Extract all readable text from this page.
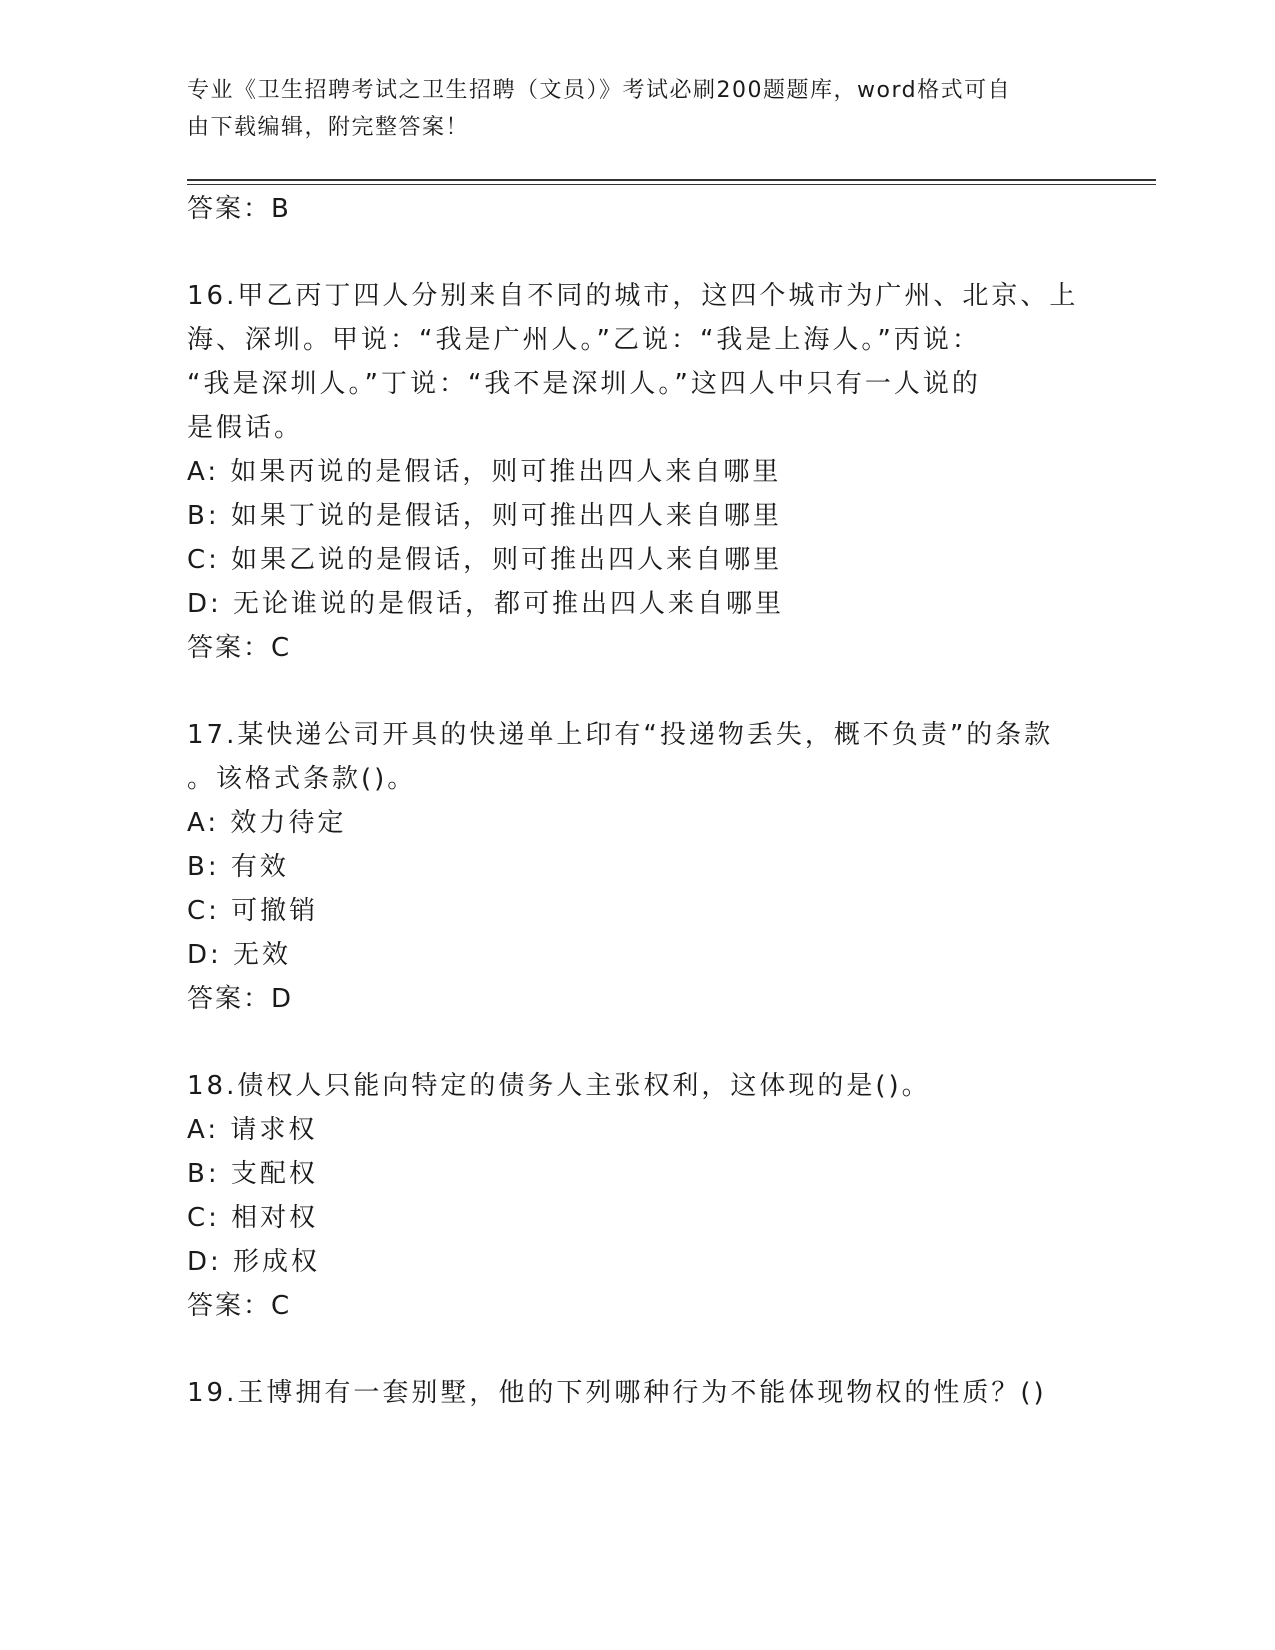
专业《卫生招聘考试之卫生招聘（文员）》考试必刷200题题库，word格式可自
由下载编辑，附完整答案！
答案：B
16.甲乙丙丁四人分别来自不同的城市，这四个城市为广州、北京、上
海、深圳。甲说：“我是广州人。”乙说：“我是上海人。”丙说：
“我是深圳人。”丁说：“我不是深圳人。”这四人中只有一人说的
是假话。
A: 如果丙说的是假话，则可推出四人来自哪里
B: 如果丁说的是假话，则可推出四人来自哪里
C: 如果乙说的是假话，则可推出四人来自哪里
D: 无论谁说的是假话，都可推出四人来自哪里
答案：C
17.某快递公司开具的快递单上印有“投递物丢失，概不负责”的条款
。该格式条款()。
A: 效力待定
B: 有效
C: 可撤销
D: 无效
答案：D
18.债权人只能向特定的债务人主张权利，这体现的是()。
A: 请求权
B: 支配权
C: 相对权
D: 形成权
答案：C
19.王博拥有一套别墅，他的下列哪种行为不能体现物权的性质？()
